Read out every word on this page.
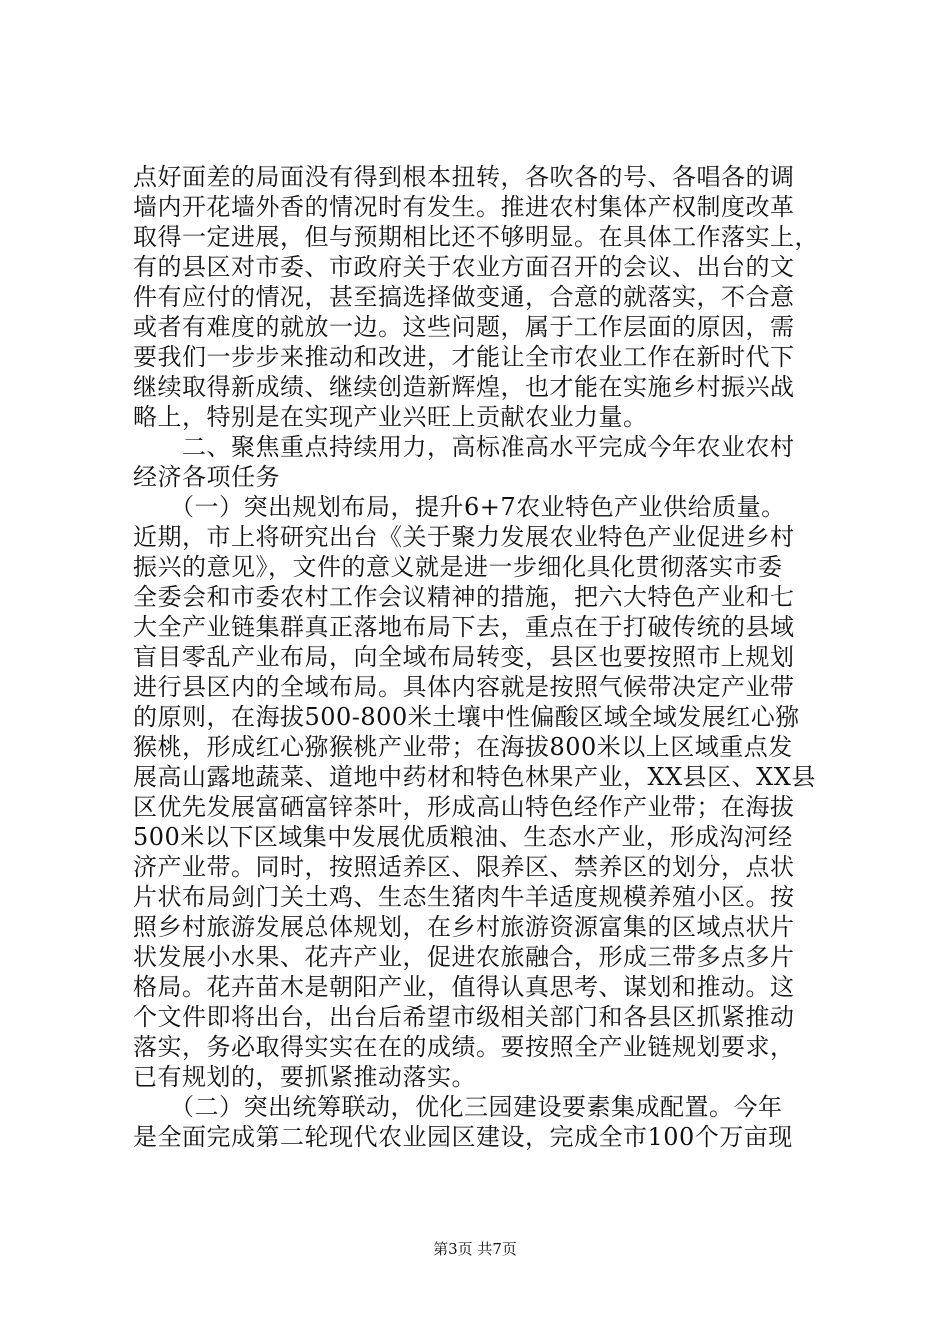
点好面差的局面没有得到根本扭转，各吹各的号、各唱各的调
墙内开花墙外香的情况时有发生。推进农村集体产权制度改革
取得一定进展，但与预期相比还不够明显。在具体工作落实上，
有的县区对市委、市政府关于农业方面召开的会议、出台的文
件有应付的情况，甚至搞选择做变通，合意的就落实，不合意
或者有难度的就放一边。这些问题，属于工作层面的原因，需
要我们一步步来推动和改进，才能让全市农业工作在新时代下
继续取得新成绩、继续创造新辉煌，也才能在实施乡村振兴战
略上，特别是在实现产业兴旺上贡献农业力量。
　　二、聚焦重点持续用力，高标准高水平完成今年农业农村
经济各项任务
　　（一）突出规划布局，提升6+7农业特色产业供给质量。
近期，市上将研究出台《关于聚力发展农业特色产业促进乡村
振兴的意见》，文件的意义就是进一步细化具化贯彻落实市委
全委会和市委农村工作会议精神的措施，把六大特色产业和七
大全产业链集群真正落地布局下去，重点在于打破传统的县域
盲目零乱产业布局，向全域布局转变，县区也要按照市上规划
进行县区内的全域布局。具体内容就是按照气候带决定产业带
的原则，在海拔500-800米土壤中性偏酸区域全域发展红心猕
猴桃，形成红心猕猴桃产业带；在海拔800米以上区域重点发
展高山露地蔬菜、道地中药材和特色林果产业，XX县区、XX县
区优先发展富硒富锌茶叶，形成高山特色经作产业带；在海拔
500米以下区域集中发展优质粮油、生态水产业，形成沟河经
济产业带。同时，按照适养区、限养区、禁养区的划分，点状
片状布局剑门关土鸡、生态生猪肉牛羊适度规模养殖小区。按
照乡村旅游发展总体规划，在乡村旅游资源富集的区域点状片
状发展小水果、花卉产业，促进农旅融合，形成三带多点多片
格局。花卉苗木是朝阳产业，值得认真思考、谋划和推动。这
个文件即将出台，出台后希望市级相关部门和各县区抓紧推动
落实，务必取得实实在在的成绩。要按照全产业链规划要求，
已有规划的，要抓紧推动落实。
　　（二）突出统筹联动，优化三园建设要素集成配置。今年
是全面完成第二轮现代农业园区建设，完成全市100个万亩现
第3页 共7页
